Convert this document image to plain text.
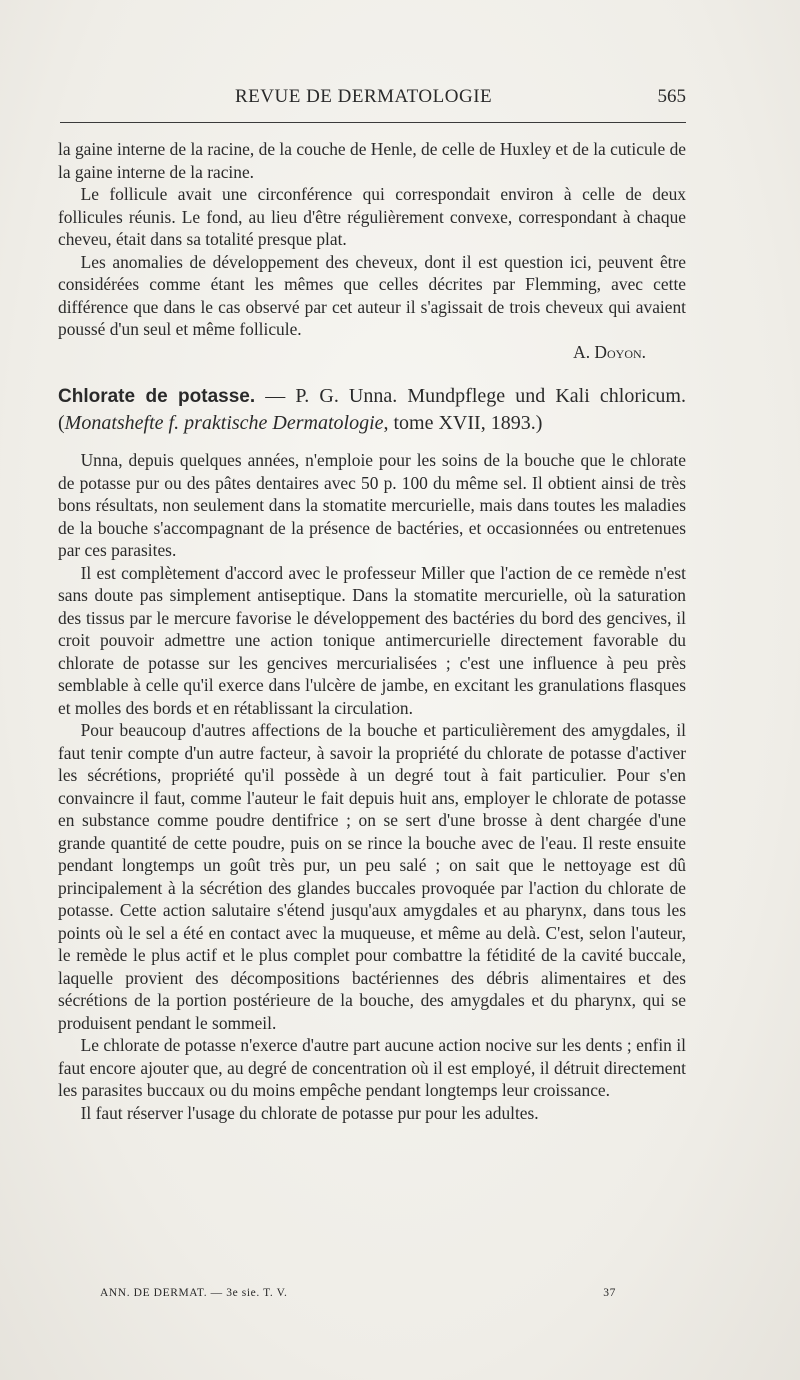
REVUE DE DERMATOLOGIE	565

la gaine interne de la racine, de la couche de Henle, de celle de Huxley et de la cuticule de la gaine interne de la racine.

Le follicule avait une circonférence qui correspondait environ à celle de deux follicules réunis. Le fond, au lieu d'être régulièrement convexe, correspondant à chaque cheveu, était dans sa totalité presque plat.

Les anomalies de développement des cheveux, dont il est question ici, peuvent être considérées comme étant les mêmes que celles décrites par Flemming, avec cette différence que dans le cas observé par cet auteur il s'agissait de trois cheveux qui avaient poussé d'un seul et même follicule.

A. Doyon.
Chlorate de potasse. — P. G. Unna. Mundpflege und Kali chloricum. (Monatshefte f. praktische Dermatologie, tome XVII, 1893.)

Unna, depuis quelques années, n'emploie pour les soins de la bouche que le chlorate de potasse pur ou des pâtes dentaires avec 50 p. 100 du même sel. Il obtient ainsi de très bons résultats, non seulement dans la stomatite mercurielle, mais dans toutes les maladies de la bouche s'accompagnant de la présence de bactéries, et occasionnées ou entretenues par ces parasites.

Il est complètement d'accord avec le professeur Miller que l'action de ce remède n'est sans doute pas simplement antiseptique. Dans la stomatite mercurielle, où la saturation des tissus par le mercure favorise le développement des bactéries du bord des gencives, il croit pouvoir admettre une action tonique antimercurielle directement favorable du chlorate de potasse sur les gencives mercurialisées ; c'est une influence à peu près semblable à celle qu'il exerce dans l'ulcère de jambe, en excitant les granulations flasques et molles des bords et en rétablissant la circulation.

Pour beaucoup d'autres affections de la bouche et particulièrement des amygdales, il faut tenir compte d'un autre facteur, à savoir la propriété du chlorate de potasse d'activer les sécrétions, propriété qu'il possède à un degré tout à fait particulier. Pour s'en convaincre il faut, comme l'auteur le fait depuis huit ans, employer le chlorate de potasse en substance comme poudre dentifrice ; on se sert d'une brosse à dent chargée d'une grande quantité de cette poudre, puis on se rince la bouche avec de l'eau. Il reste ensuite pendant longtemps un goût très pur, un peu salé ; on sait que le nettoyage est dû principalement à la sécrétion des glandes buccales provoquée par l'action du chlorate de potasse. Cette action salutaire s'étend jusqu'aux amygdales et au pharynx, dans tous les points où le sel a été en contact avec la muqueuse, et même au delà. C'est, selon l'auteur, le remède le plus actif et le plus complet pour combattre la fétidité de la cavité buccale, laquelle provient des décompositions bactériennes des débris alimentaires et des sécrétions de la portion postérieure de la bouche, des amygdales et du pharynx, qui se produisent pendant le sommeil.

Le chlorate de potasse n'exerce d'autre part aucune action nocive sur les dents ; enfin il faut encore ajouter que, au degré de concentration où il est employé, il détruit directement les parasites buccaux ou du moins empêche pendant longtemps leur croissance.

Il faut réserver l'usage du chlorate de potasse pur pour les adultes.

ANN. DE DERMAT. — 3e sie. T. V.	37
